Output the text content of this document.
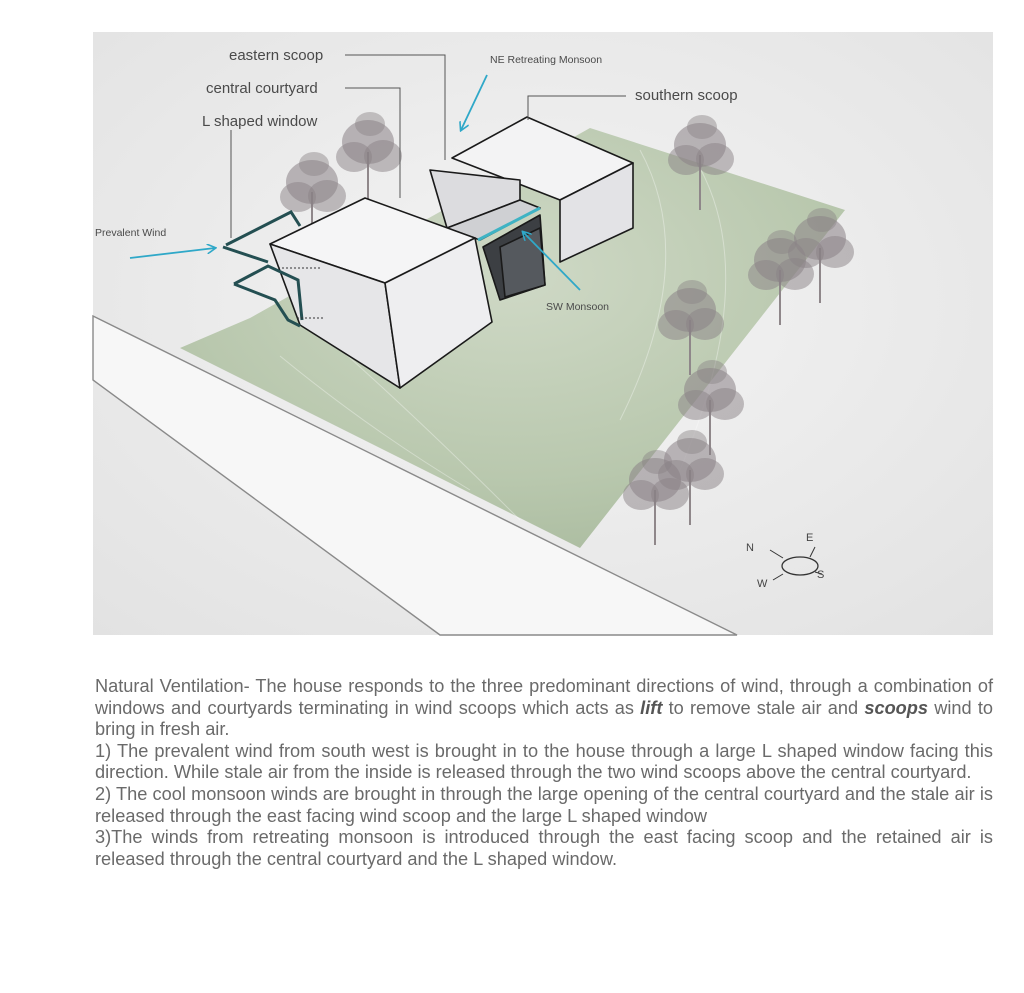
N
E
S
W
eastern scoop
central courtyard
L shaped window
NE Retreating Monsoon
southern scoop
Prevalent Wind
SW Monsoon

Natural Ventilation- The house responds to the three predominant directions of wind, through a combination of windows and courtyards terminating in wind scoops which acts as lift to remove stale air and scoops wind to bring in fresh air.

1) The prevalent wind from south west is brought in to the house through a large L shaped window facing this direction. While stale air from the inside is released through the two wind scoops above the central courtyard.

2) The cool monsoon winds are brought in through the large opening of the central courtyard and the stale air is released through the east facing wind scoop and the large L shaped window

3)The winds from retreating monsoon is introduced through the east facing scoop and the retained air is released through the central courtyard and the L shaped window.
